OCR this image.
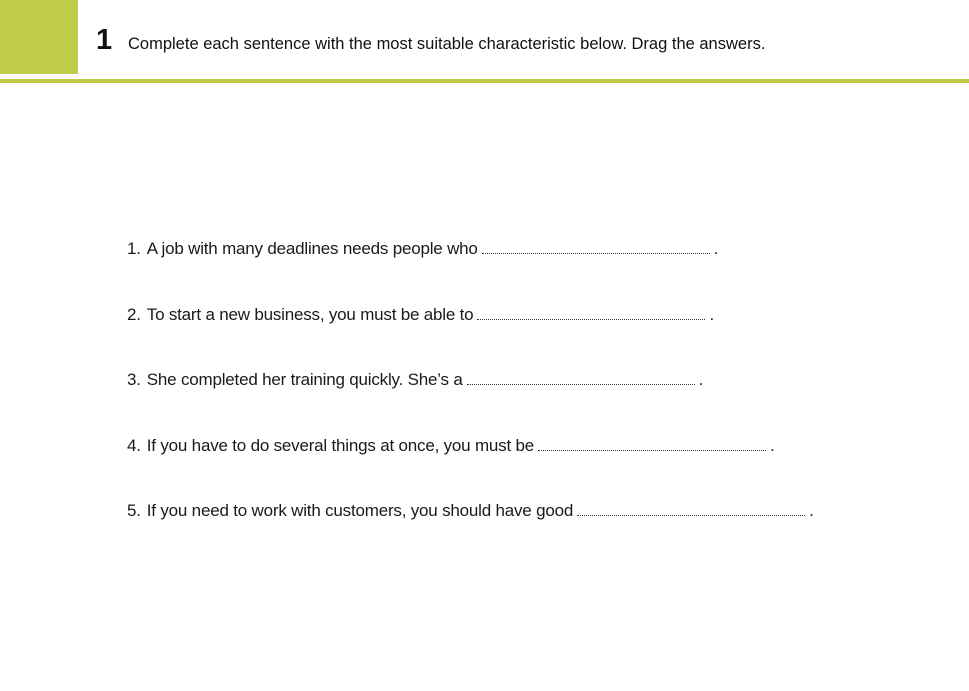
1 Complete each sentence with the most suitable characteristic below. Drag the answers.
1. A job with many deadlines needs people who	.
2. To start a new business, you must be able to	.
3. She completed her training quickly. She’s a	.
4. If you have to do several things at once, you must be	.
5. If you need to work with customers, you should have good	.
